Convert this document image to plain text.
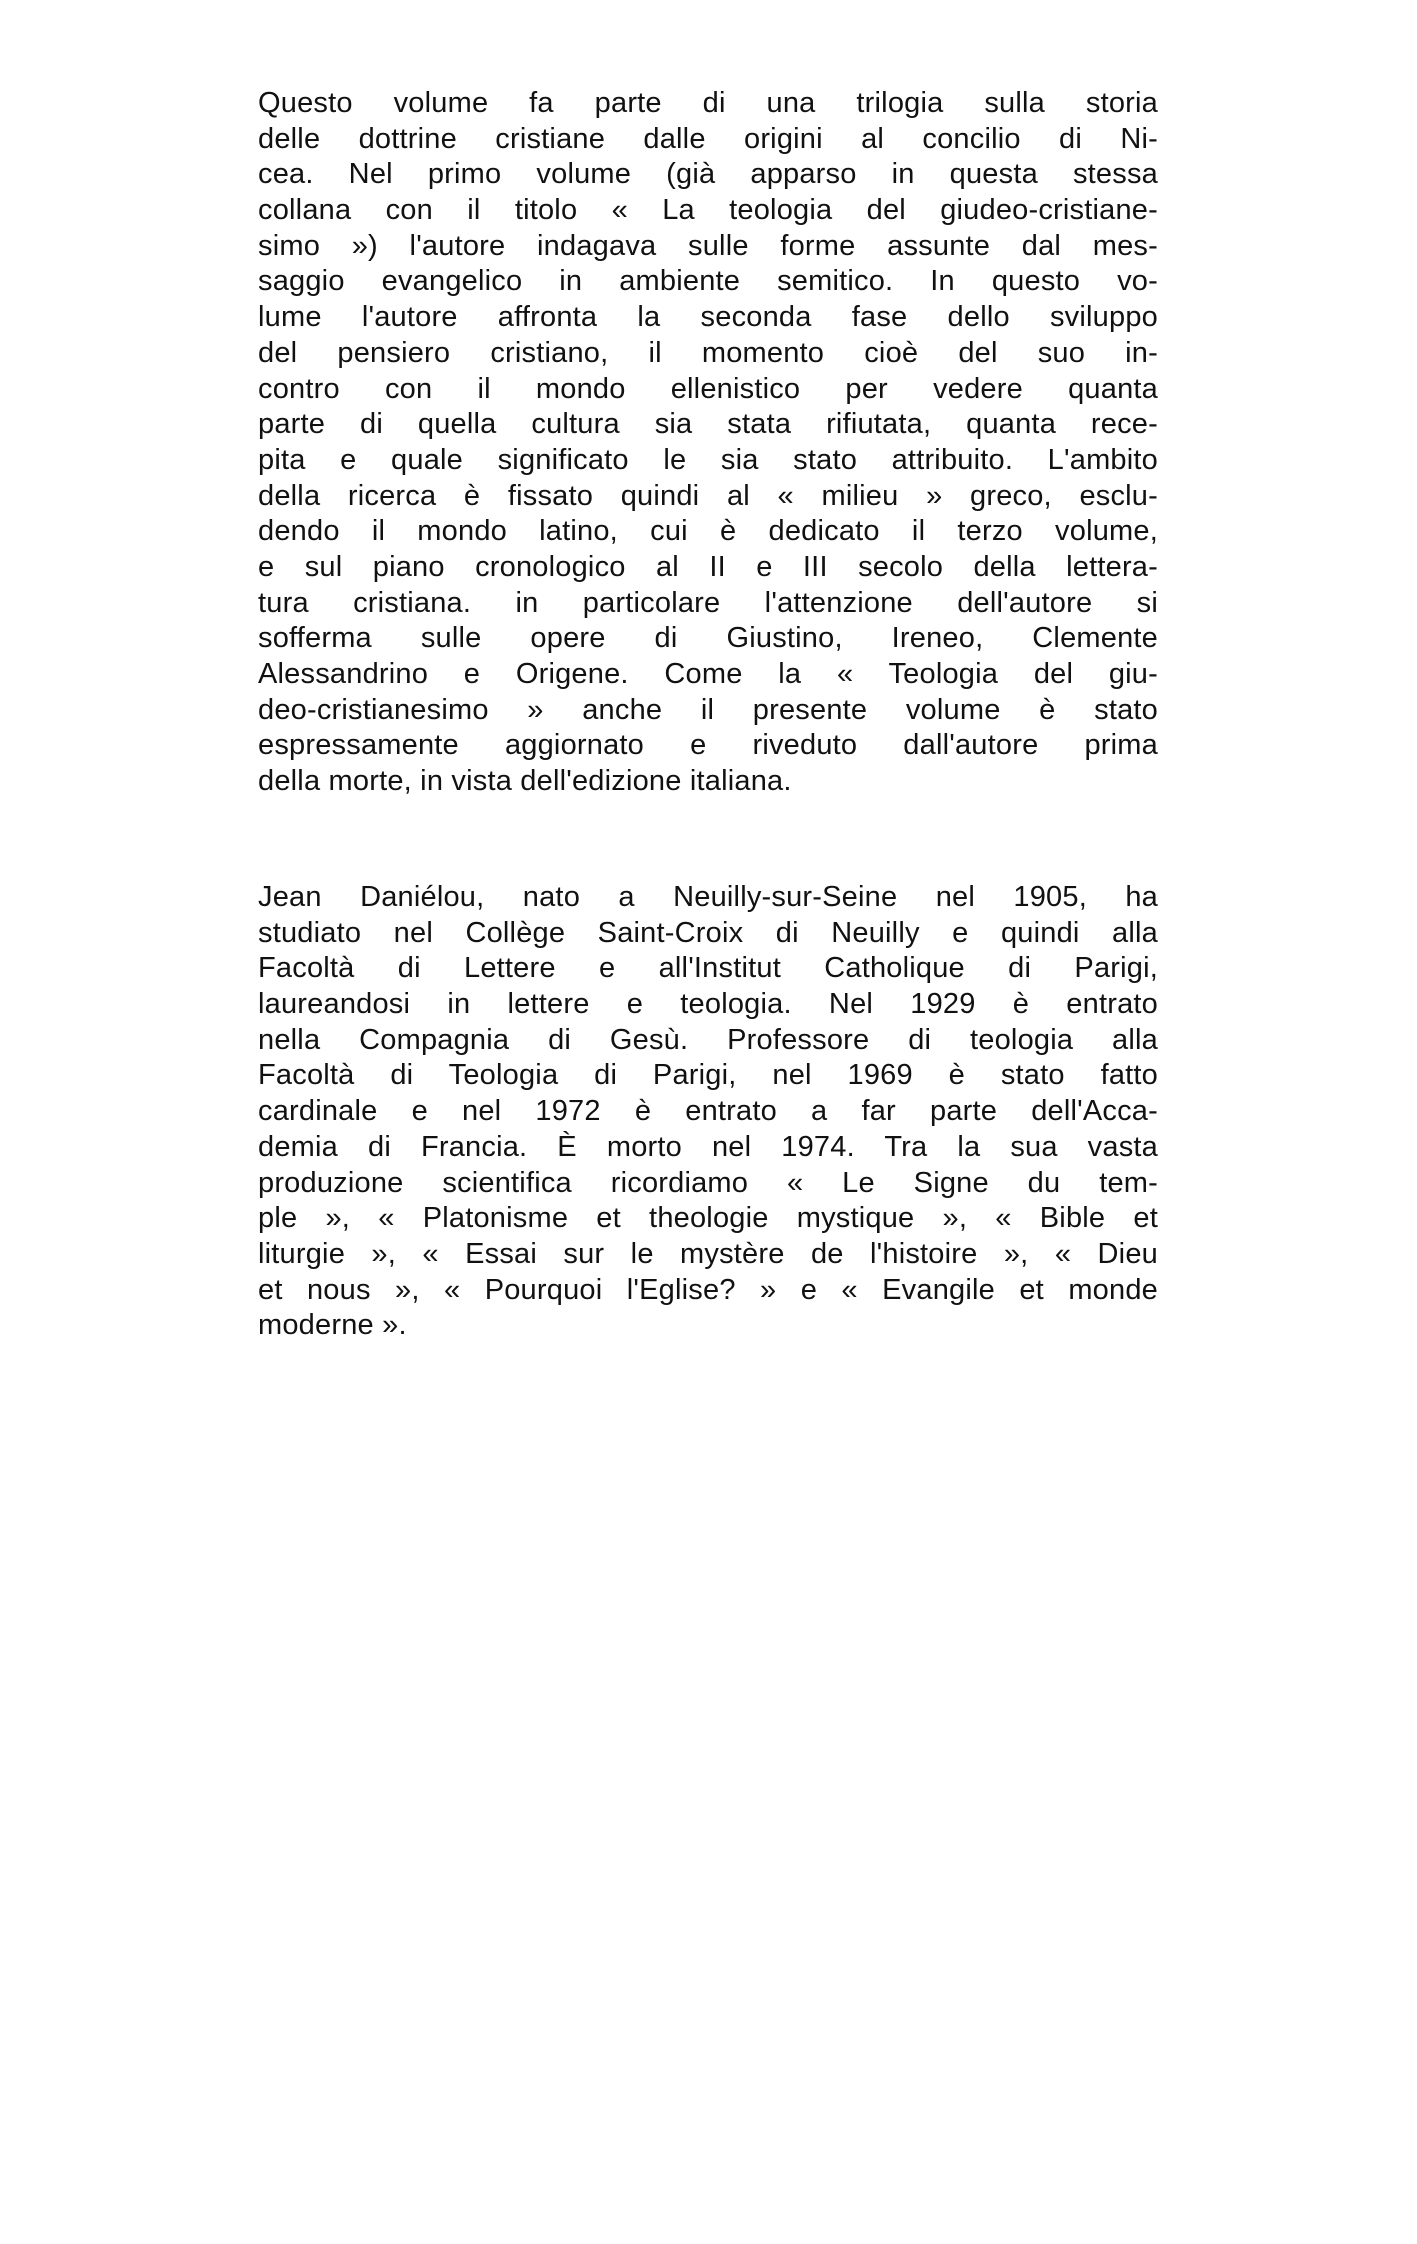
Questo volume fa parte di una trilogia sulla storia
delle dottrine cristiane dalle origini al concilio di Ni-
cea. Nel primo volume (già apparso in questa stessa
collana con il titolo « La teologia del giudeo-cristiane-
simo ») l'autore indagava sulle forme assunte dal mes-
saggio evangelico in ambiente semitico. In questo vo-
lume l'autore affronta la seconda fase dello sviluppo
del pensiero cristiano, il momento cioè del suo in-
contro con il mondo ellenistico per vedere quanta
parte di quella cultura sia stata rifiutata, quanta rece-
pita e quale significato le sia stato attribuito. L'ambito
della ricerca è fissato quindi al « milieu » greco, esclu-
dendo il mondo latino, cui è dedicato il terzo volume,
e sul piano cronologico al II e III secolo della lettera-
tura cristiana. in particolare l'attenzione dell'autore si
sofferma sulle opere di Giustino, Ireneo, Clemente
Alessandrino e Origene. Come la « Teologia del giu-
deo-cristianesimo » anche il presente volume è stato
espressamente aggiornato e riveduto dall'autore prima
della morte, in vista dell'edizione italiana.
Jean Daniélou, nato a Neuilly-sur-Seine nel 1905, ha
studiato nel Collège Saint-Croix di Neuilly e quindi alla
Facoltà di Lettere e all'Institut Catholique di Parigi,
laureandosi in lettere e teologia. Nel 1929 è entrato
nella Compagnia di Gesù. Professore di teologia alla
Facoltà di Teologia di Parigi, nel 1969 è stato fatto
cardinale e nel 1972 è entrato a far parte dell'Acca-
demia di Francia. È morto nel 1974. Tra la sua vasta
produzione scientifica ricordiamo « Le Signe du tem-
ple », « Platonisme et theologie mystique », « Bible et
liturgie », « Essai sur le mystère de l'histoire », « Dieu
et nous », « Pourquoi l'Eglise? » e « Evangile et monde
moderne ».
